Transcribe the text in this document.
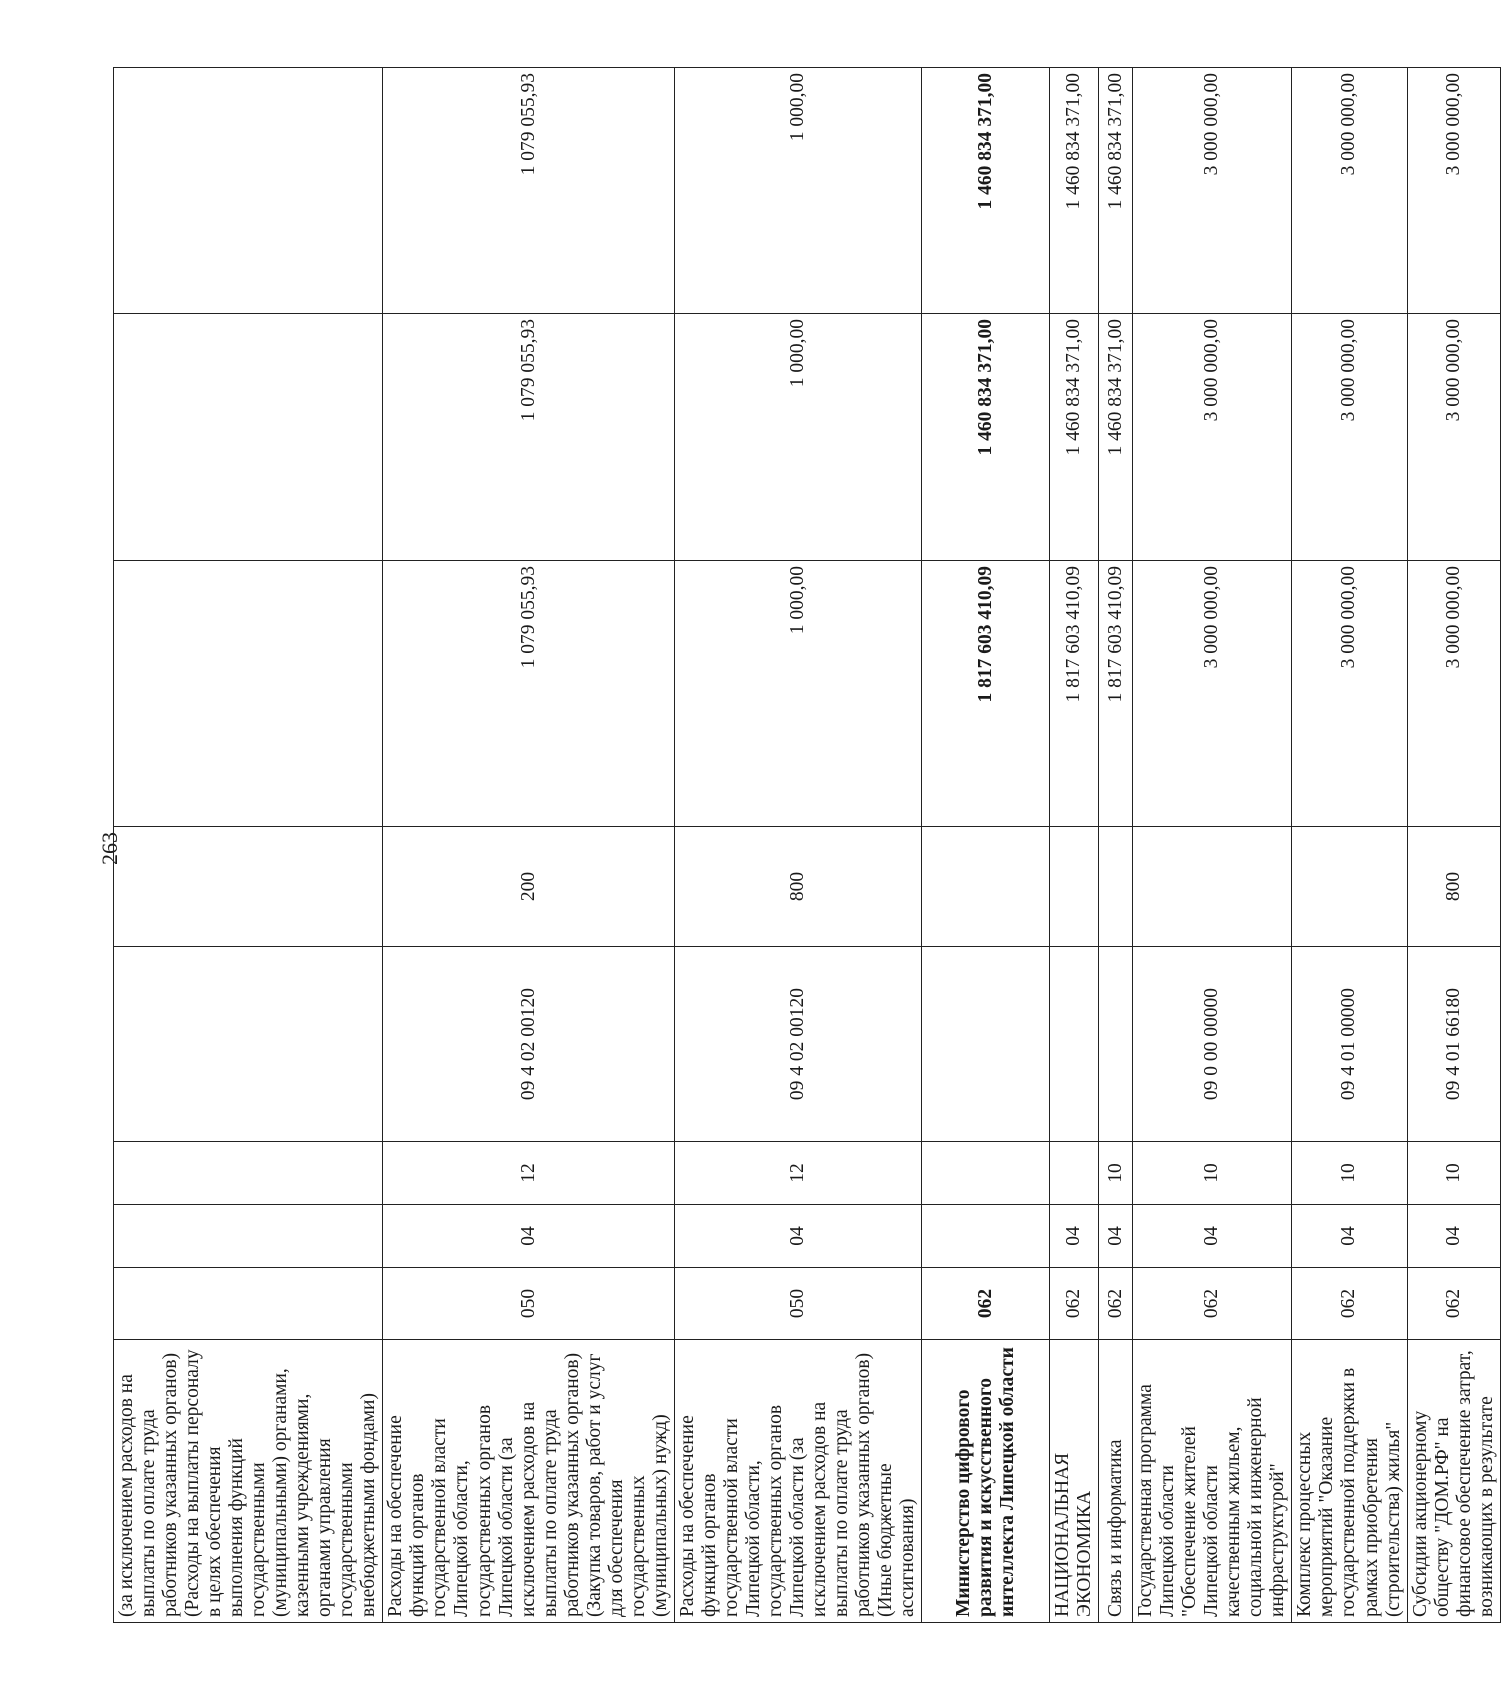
263
(за исключением расходов на выплаты по оплате труда работников указанных органов) (Расходы на выплаты персоналу в целях обеспечения выполнения функций государственными (муниципальными) органами, казенными учреждениями, органами управления государственными внебюджетными фондами)								
Расходы на обеспечение функций органов государственной власти Липецкой области, государственных органов Липецкой области (за исключением расходов на выплаты по оплате труда работников указанных органов) (Закупка товаров, работ и услуг для обеспечения государственных (муниципальных) нужд)	050	04	12	09 4 02 00120	200	1 079 055,93	1 079 055,93	1 079 055,93
Расходы на обеспечение функций органов государственной власти Липецкой области, государственных органов Липецкой области (за исключением расходов на выплаты по оплате труда работников указанных органов) (Иные бюджетные ассигнования)	050	04	12	09 4 02 00120	800	1 000,00	1 000,00	1 000,00
Министерство цифрового развития и искусственного интеллекта Липецкой области	062					1 817 603 410,09	1 460 834 371,00	1 460 834 371,00
НАЦИОНАЛЬНАЯ ЭКОНОМИКА	062	04				1 817 603 410,09	1 460 834 371,00	1 460 834 371,00
Связь и информатика	062	04	10			1 817 603 410,09	1 460 834 371,00	1 460 834 371,00
Государственная программа Липецкой области "Обеспечение жителей Липецкой области качественным жильем, социальной и инженерной инфраструктурой"	062	04	10	09 0 00 00000		3 000 000,00	3 000 000,00	3 000 000,00
Комплекс процессных мероприятий "Оказание государственной поддержки в рамках приобретения (строительства) жилья"	062	04	10	09 4 01 00000		3 000 000,00	3 000 000,00	3 000 000,00
Субсидии акционерному обществу "ДОМ.РФ" на финансовое обеспечение затрат, возникающих в результате	062	04	10	09 4 01 66180	800	3 000 000,00	3 000 000,00	3 000 000,00
